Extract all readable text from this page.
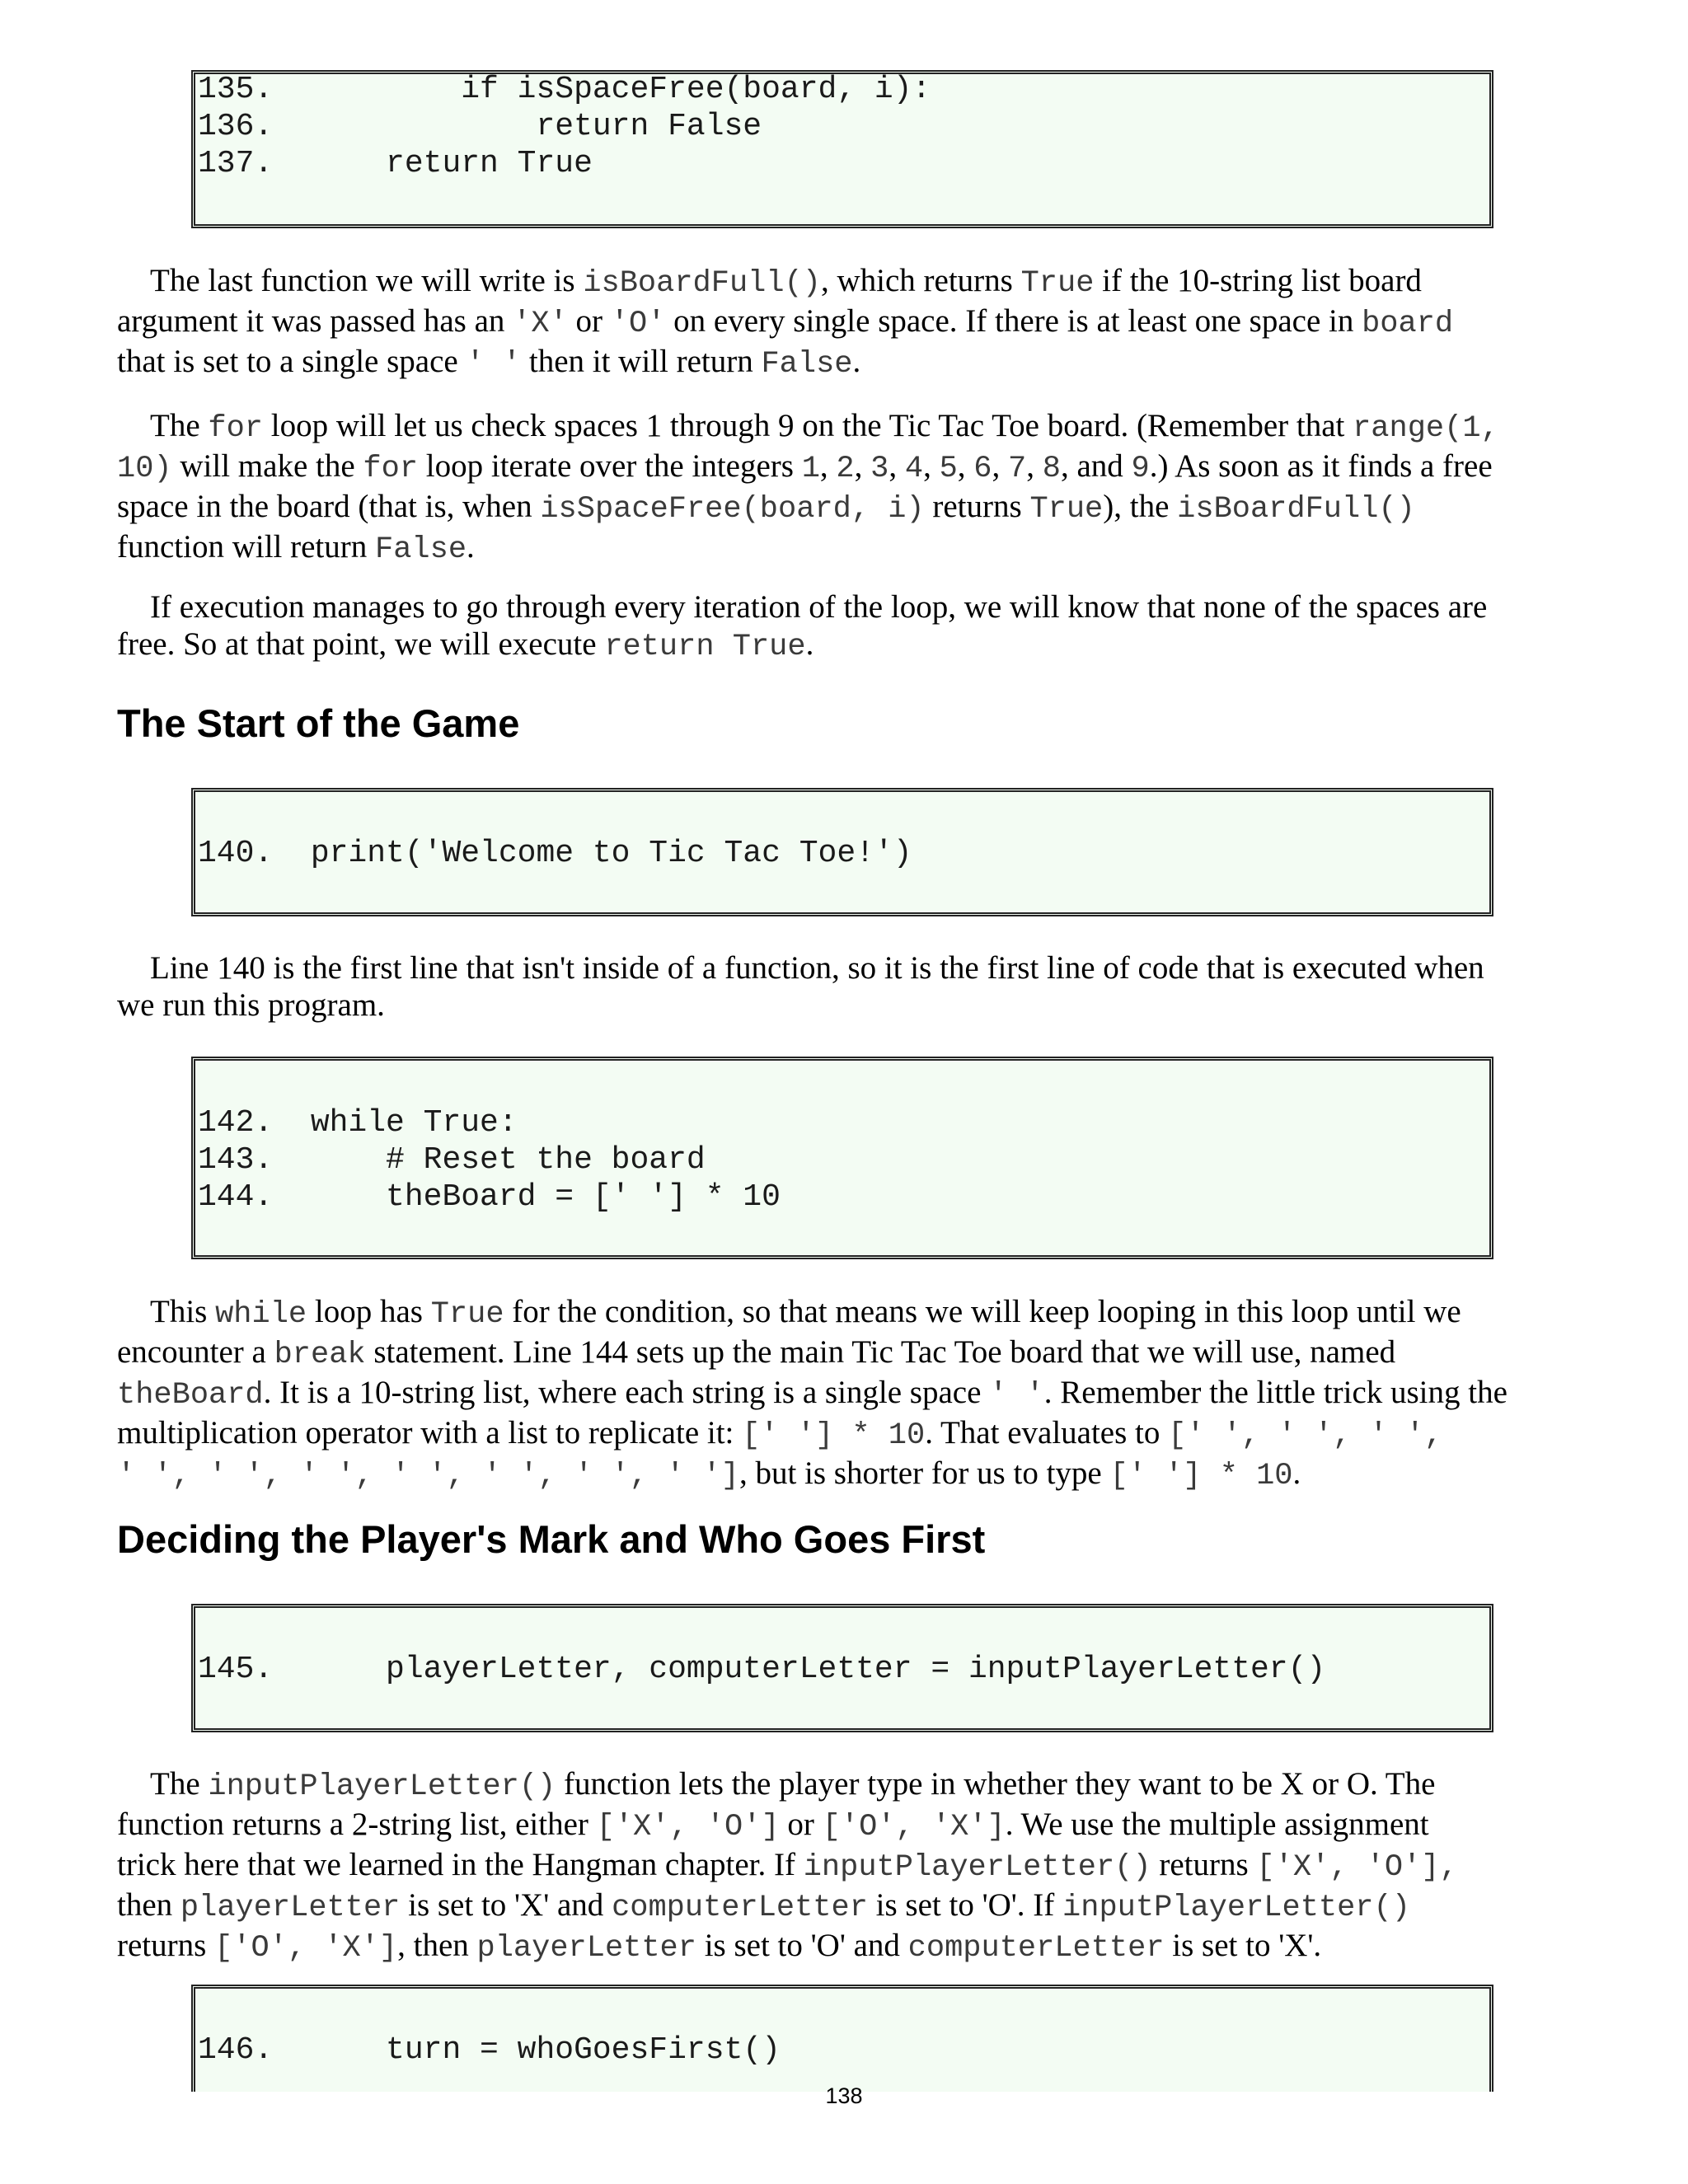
135.          if isSpaceFree(board, i):
136.              return False
137.      return True

The last function we will write is isBoardFull(), which returns True if the 10-string list board
argument it was passed has an 'X' or 'O' on every single space. If there is at least one space in board
that is set to a single space ' ' then it will return False.

The for loop will let us check spaces 1 through 9 on the Tic Tac Toe board. (Remember that range(1,
10) will make the for loop iterate over the integers 1, 2, 3, 4, 5, 6, 7, 8, and 9.) As soon as it finds a free
space in the board (that is, when isSpaceFree(board, i) returns True), the isBoardFull()
function will return False.

If execution manages to go through every iteration of the loop, we will know that none of the spaces are
free. So at that point, we will execute return True.

The Start of the Game
140.  print('Welcome to Tic Tac Toe!')

Line 140 is the first line that isn't inside of a function, so it is the first line of code that is executed when
we run this program.

142.  while True:
143.      # Reset the board
144.      theBoard = [' '] * 10

This while loop has True for the condition, so that means we will keep looping in this loop until we
encounter a break statement. Line 144 sets up the main Tic Tac Toe board that we will use, named
theBoard. It is a 10-string list, where each string is a single space ' '. Remember the little trick using the
multiplication operator with a list to replicate it: [' '] * 10. That evaluates to [' ', ' ', ' ',
' ', ' ', ' ', ' ', ' ', ' ', ' '], but is shorter for us to type [' '] * 10.

Deciding the Player's Mark and Who Goes First
145.      playerLetter, computerLetter = inputPlayerLetter()

The inputPlayerLetter() function lets the player type in whether they want to be X or O. The
function returns a 2-string list, either ['X', 'O'] or ['O', 'X']. We use the multiple assignment
trick here that we learned in the Hangman chapter. If inputPlayerLetter() returns ['X', 'O'],
then playerLetter is set to 'X' and computerLetter is set to 'O'. If inputPlayerLetter()
returns ['O', 'X'], then playerLetter is set to 'O' and computerLetter is set to 'X'.

146.      turn = whoGoesFirst()
138
